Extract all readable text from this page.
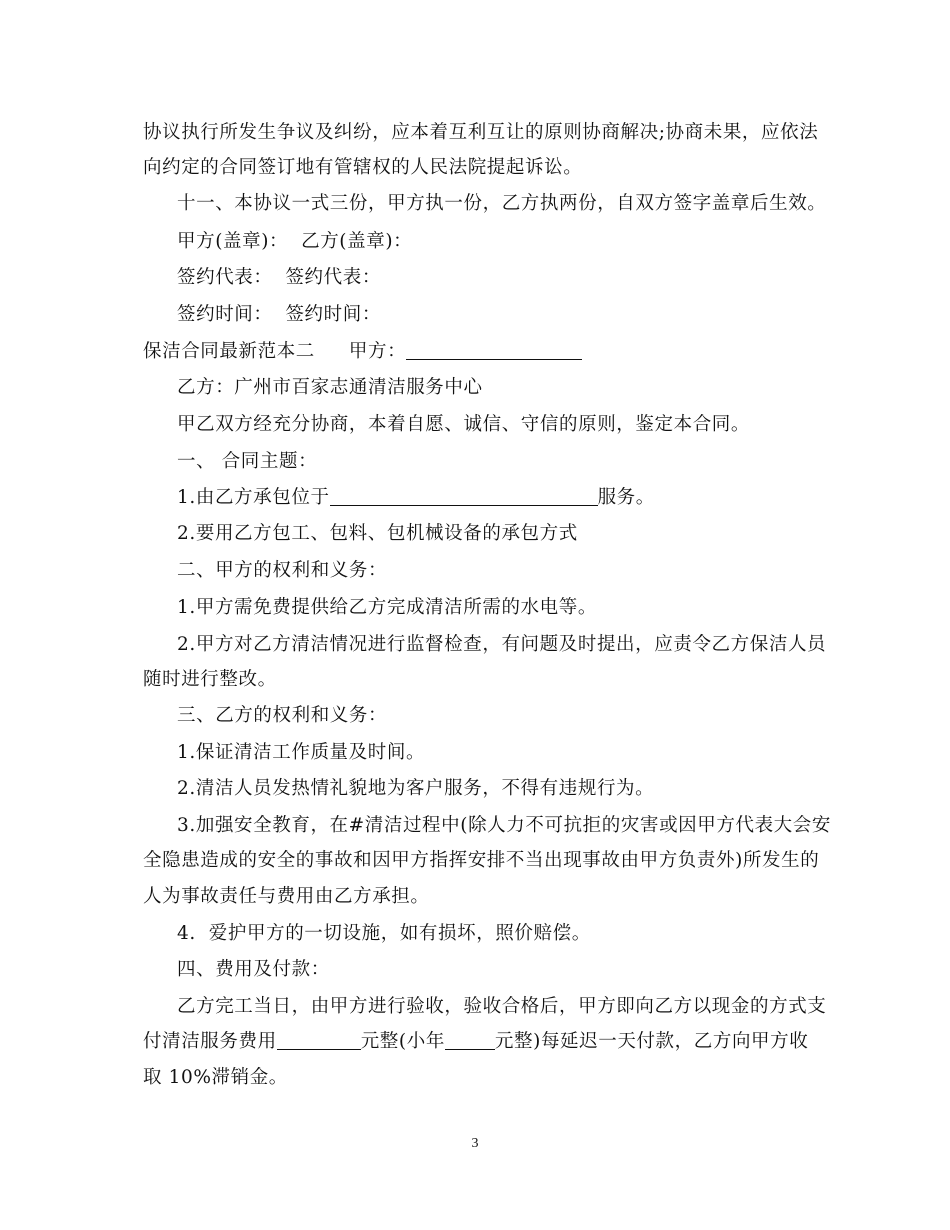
协议执行所发生争议及纠纷，应本着互利互让的原则协商解决;协商未果，应依法
向约定的合同签订地有管辖权的人民法院提起诉讼。
十一、本协议一式三份，甲方执一份，乙方执两份，自双方签字盖章后生效。
甲方(盖章)：  乙方(盖章)：
签约代表：  签约代表：
签约时间：  签约时间：
保洁合同最新范本二 甲方：
乙方：广州市百家志通清洁服务中心
甲乙双方经充分协商，本着自愿、诚信、守信的原则，鉴定本合同。
一、 合同主题：
1.由乙方承包位于	服务。
2.要用乙方包工、包料、包机械设备的承包方式
二、甲方的权利和义务：
1.甲方需免费提供给乙方完成清洁所需的水电等。
2.甲方对乙方清洁情况进行监督检查，有问题及时提出，应责令乙方保洁人员
随时进行整改。
三、乙方的权利和义务：
1.保证清洁工作质量及时间。
2.清洁人员发热情礼貌地为客户服务，不得有违规行为。
3.加强安全教育，在#清洁过程中(除人力不可抗拒的灾害或因甲方代表大会安
全隐患造成的安全的事故和因甲方指挥安排不当出现事故由甲方负责外)所发生的
人为事故责任与费用由乙方承担。
4.  爱护甲方的一切设施，如有损坏，照价赔偿。
四、费用及付款：
乙方完工当日，由甲方进行验收，验收合格后，甲方即向乙方以现金的方式支
付清洁服务费用	元整(小年	元整)每延迟一天付款，乙方向甲方收
取 10%滞销金。
3
